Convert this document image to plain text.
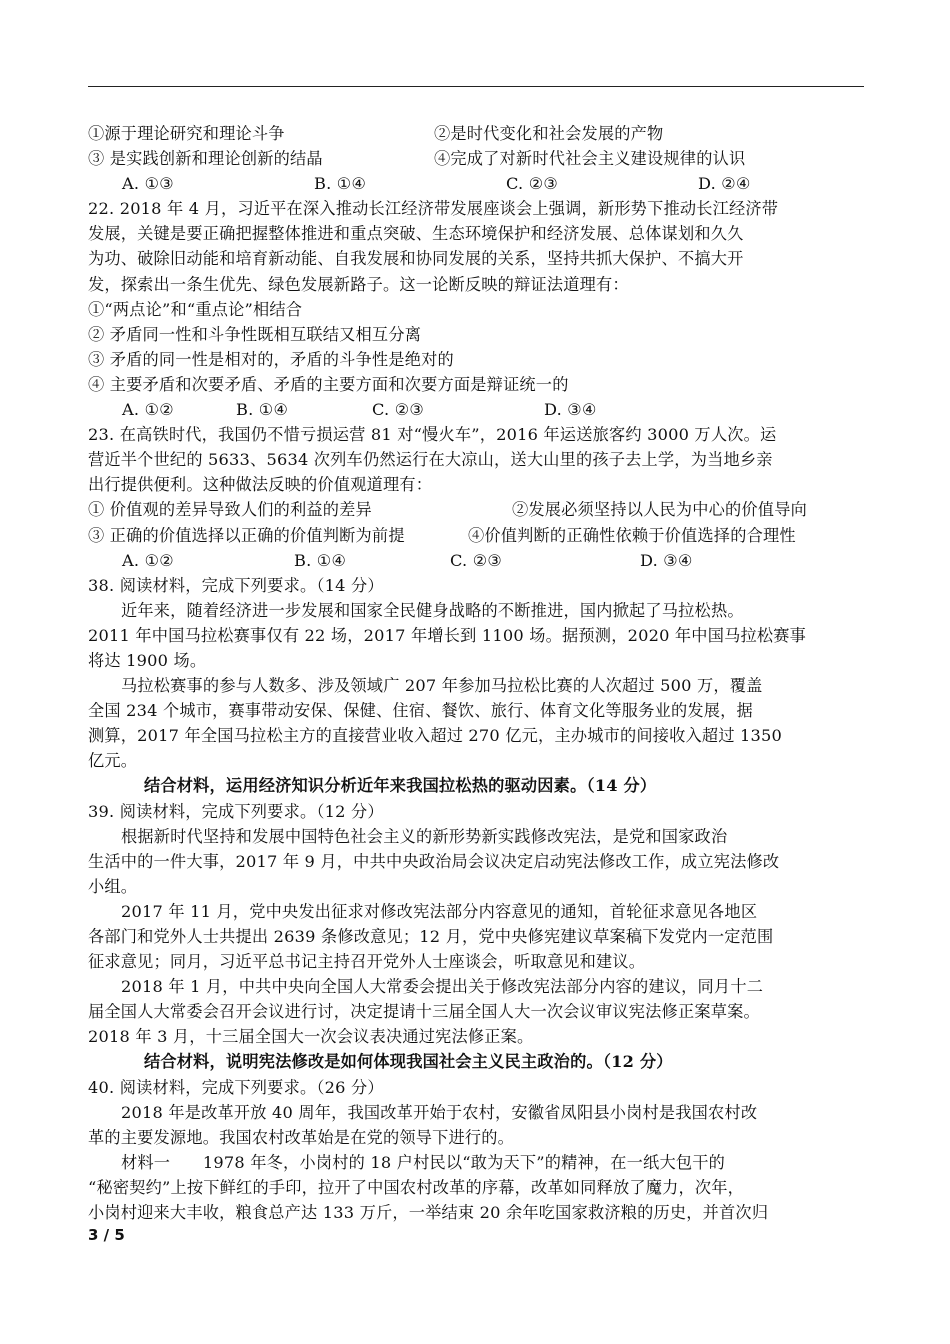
①源于理论研究和理论斗争	②是时代变化和社会发展的产物
③ 是实践创新和理论创新的结晶	④完成了对新时代社会主义建设规律的认识
A. ①③	B. ①④	C. ②③	D. ②④
22. 2018 年 4 月，习近平在深入推动长江经济带发展座谈会上强调，新形势下推动长江经济带
发展，关键是要正确把握整体推进和重点突破、生态环境保护和经济发展、总体谋划和久久
为功、破除旧动能和培育新动能、自我发展和协同发展的关系，坚持共抓大保护、不搞大开
发，探索出一条生优先、绿色发展新路子。这一论断反映的辩证法道理有：
①“两点论”和“重点论”相结合
② 矛盾同一性和斗争性既相互联结又相互分离
③ 矛盾的同一性是相对的，矛盾的斗争性是绝对的
④ 主要矛盾和次要矛盾、矛盾的主要方面和次要方面是辩证统一的
A. ①②	B. ①④	C. ②③	D. ③④
23. 在高铁时代，我国仍不惜亏损运营 81 对“慢火车”，2016 年运送旅客约 3000 万人次。运
营近半个世纪的 5633、5634 次列车仍然运行在大凉山，送大山里的孩子去上学，为当地乡亲
出行提供便利。这种做法反映的价值观道理有：
① 价值观的差异导致人们的利益的差异	②发展必须坚持以人民为中心的价值导向
③ 正确的价值选择以正确的价值判断为前提	④价值判断的正确性依赖于价值选择的合理性
A. ①②	B. ①④	C. ②③	D. ③④
38. 阅读材料，完成下列要求。（14 分）
近年来，随着经济进一步发展和国家全民健身战略的不断推进，国内掀起了马拉松热。
2011 年中国马拉松赛事仅有 22 场，2017 年增长到 1100 场。据预测，2020 年中国马拉松赛事
将达 1900 场。
马拉松赛事的参与人数多、涉及领域广 207 年参加马拉松比赛的人次超过 500 万，覆盖
全国 234 个城市，赛事带动安保、保健、住宿、餐饮、旅行、体育文化等服务业的发展，据
测算，2017 年全国马拉松主方的直接营业收入超过 270 亿元，主办城市的间接收入超过 1350
亿元。
结合材料，运用经济知识分析近年来我国拉松热的驱动因素。（14 分）
39. 阅读材料，完成下列要求。（12 分）
根据新时代坚持和发展中国特色社会主义的新形势新实践修改宪法，是党和国家政治
生活中的一件大事，2017 年 9 月，中共中央政治局会议决定启动宪法修改工作，成立宪法修改
小组。
2017 年 11 月，党中央发出征求对修改宪法部分内容意见的通知，首轮征求意见各地区
各部门和党外人士共提出 2639 条修改意见；12 月，党中央修宪建议草案稿下发党内一定范围
征求意见；同月，习近平总书记主持召开党外人士座谈会，听取意见和建议。
2018 年 1 月，中共中央向全国人大常委会提出关于修改宪法部分内容的建议，同月十二
届全国人大常委会召开会议进行讨，决定提请十三届全国人大一次会议审议宪法修正案草案。
2018 年 3 月，十三届全国大一次会议表决通过宪法修正案。
结合材料，说明宪法修改是如何体现我国社会主义民主政治的。（12 分）
40. 阅读材料，完成下列要求。（26 分）
2018 年是改革开放 40 周年，我国改革开始于农村，安徽省凤阳县小岗村是我国农村改
革的主要发源地。我国农村改革始是在党的领导下进行的。
材料一　　1978 年冬，小岗村的 18 户村民以“敢为天下”的精神，在一纸大包干的
“秘密契约”上按下鲜红的手印，拉开了中国农村改革的序幕，改革如同释放了魔力，次年，
小岗村迎来大丰收，粮食总产达 133 万斤，一举结束 20 余年吃国家救济粮的历史，并首次归
3 / 5
